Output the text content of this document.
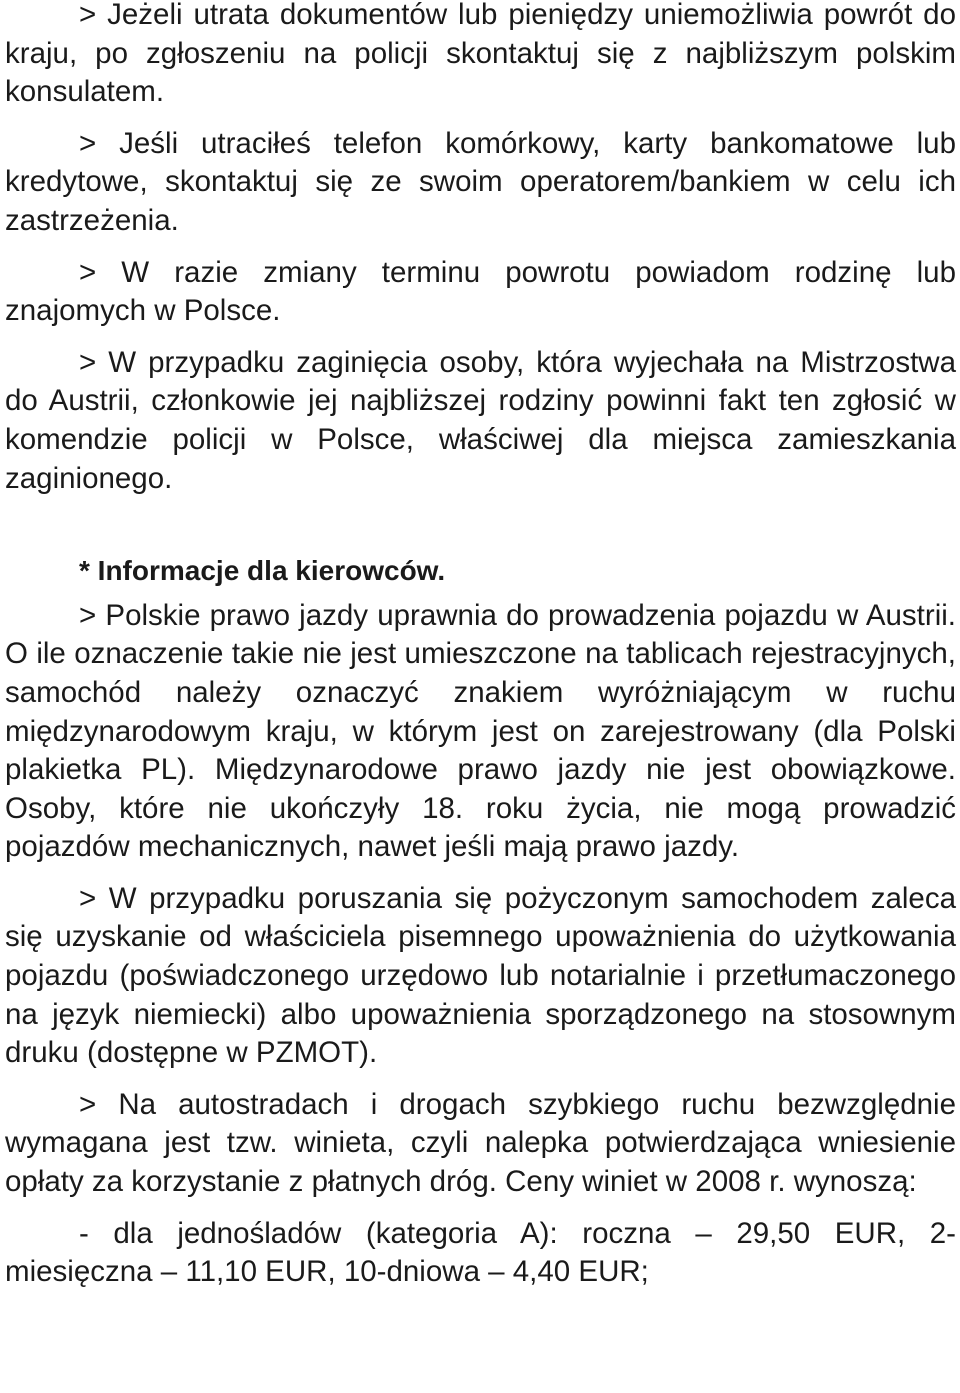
> Jeżeli utrata dokumentów lub pieniędzy uniemożliwia powrót do kraju, po zgłoszeniu na policji skontaktuj się z najbliższym polskim konsulatem.

> Jeśli utraciłeś telefon komórkowy, karty bankomatowe lub kredytowe, skontaktuj się ze swoim operatorem/bankiem w celu ich zastrzeżenia.

> W razie zmiany terminu powrotu powiadom rodzinę lub znajomych w Polsce.

> W przypadku zaginięcia osoby, która wyjechała na Mistrzostwa do Austrii, członkowie jej najbliższej rodziny powinni fakt ten zgłosić w komendzie policji w Polsce, właściwej dla miejsca zamieszkania zaginionego.

* Informacje dla kierowców.

> Polskie prawo jazdy uprawnia do prowadzenia pojazdu w Austrii. O ile oznaczenie takie nie jest umieszczone na tablicach rejestracyjnych, samochód należy oznaczyć znakiem wyróżniającym w ruchu międzynarodowym kraju, w którym jest on zarejestrowany (dla Polski plakietka PL). Międzynarodowe prawo jazdy nie jest obowiązkowe. Osoby, które nie ukończyły 18. roku życia, nie mogą prowadzić pojazdów mechanicznych, nawet jeśli mają prawo jazdy.

> W przypadku poruszania się pożyczonym samochodem zaleca się uzyskanie od właściciela pisemnego upoważnienia do użytkowania pojazdu (poświadczonego urzędowo lub notarialnie i przetłumaczonego na język niemiecki) albo upoważnienia sporządzonego na stosownym druku (dostępne w PZMOT).

> Na autostradach i drogach szybkiego ruchu bezwzględnie wymagana jest tzw. winieta, czyli nalepka potwierdzająca wniesienie opłaty za korzystanie z płatnych dróg. Ceny winiet w 2008 r. wynoszą:

- dla jednośladów (kategoria A): roczna – 29,50 EUR, 2-miesięczna – 11,10 EUR, 10-dniowa – 4,40 EUR;
